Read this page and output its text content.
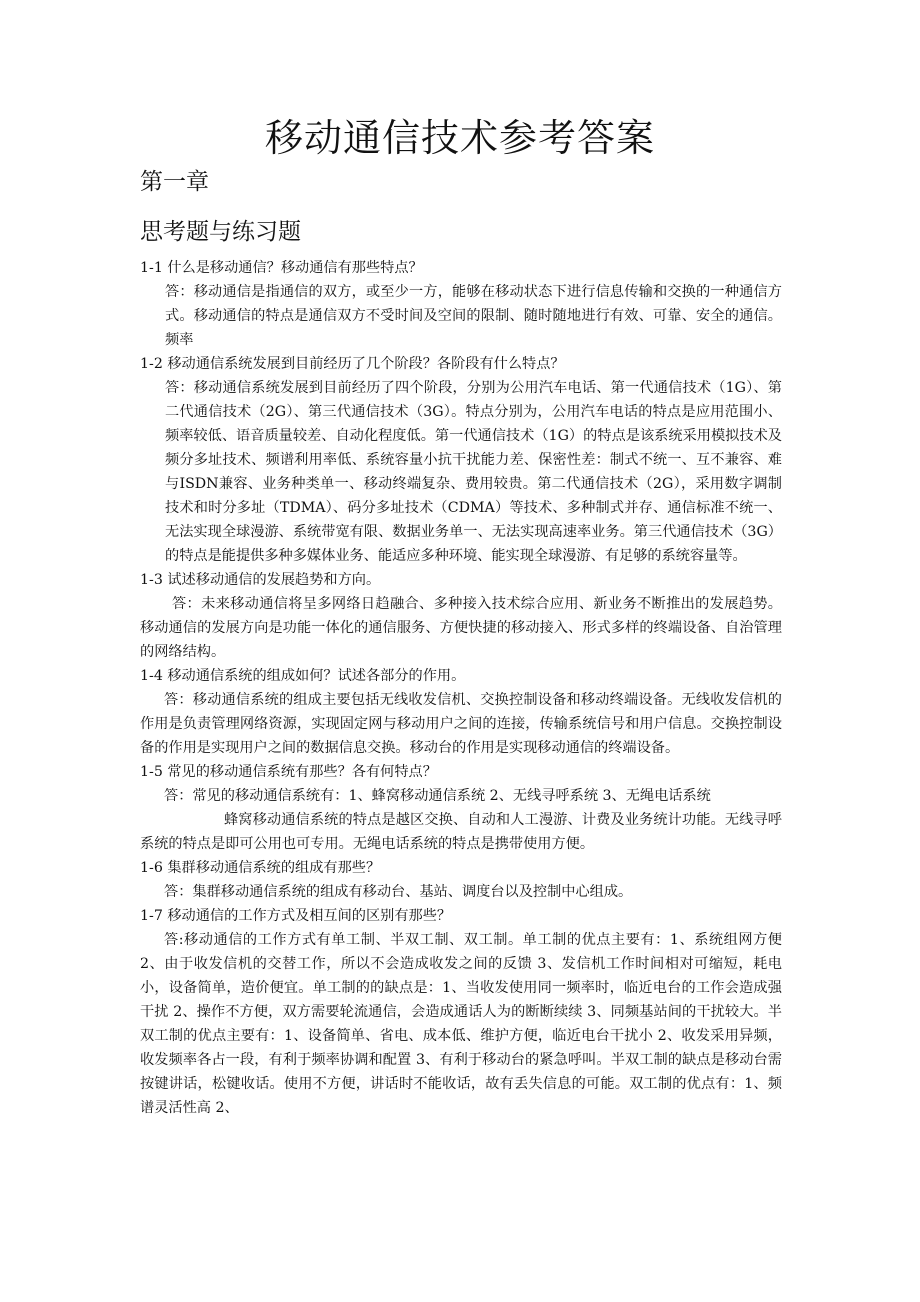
移动通信技术参考答案
第一章
思考题与练习题

1-1 什么是移动通信？移动通信有那些特点？

答：移动通信是指通信的双方，或至少一方，能够在移动状态下进行信息传输和交换的一种通信方式。移动通信的特点是通信双方不受时间及空间的限制、随时随地进行有效、可靠、安全的通信。频率

1-2 移动通信系统发展到目前经历了几个阶段？各阶段有什么特点？

答：移动通信系统发展到目前经历了四个阶段，分别为公用汽车电话、第一代通信技术（1G）、第二代通信技术（2G）、第三代通信技术（3G）。特点分别为，公用汽车电话的特点是应用范围小、频率较低、语音质量较差、自动化程度低。第一代通信技术（1G）的特点是该系统采用模拟技术及频分多址技术、频谱利用率低、系统容量小抗干扰能力差、保密性差：制式不统一、互不兼容、难与ISDN兼容、业务种类单一、移动终端复杂、费用较贵。第二代通信技术（2G），采用数字调制技术和时分多址（TDMA）、码分多址技术（CDMA）等技术、多种制式并存、通信标准不统一、无法实现全球漫游、系统带宽有限、数据业务单一、无法实现高速率业务。第三代通信技术（3G）的特点是能提供多种多媒体业务、能适应多种环境、能实现全球漫游、有足够的系统容量等。

1-3 试述移动通信的发展趋势和方向。

答：未来移动通信将呈多网络日趋融合、多种接入技术综合应用、新业务不断推出的发展趋势。移动通信的发展方向是功能一体化的通信服务、方便快捷的移动接入、形式多样的终端设备、自治管理的网络结构。

1-4 移动通信系统的组成如何？试述各部分的作用。

答：移动通信系统的组成主要包括无线收发信机、交换控制设备和移动终端设备。无线收发信机的作用是负责管理网络资源，实现固定网与移动用户之间的连接，传输系统信号和用户信息。交换控制设备的作用是实现用户之间的数据信息交换。移动台的作用是实现移动通信的终端设备。

1-5 常见的移动通信系统有那些？各有何特点？

答：常见的移动通信系统有：1、蜂窝移动通信系统 2、无线寻呼系统 3、无绳电话系统

蜂窝移动通信系统的特点是越区交换、自动和人工漫游、计费及业务统计功能。无线寻呼系统的特点是即可公用也可专用。无绳电话系统的特点是携带使用方便。

1-6 集群移动通信系统的组成有那些？

答：集群移动通信系统的组成有移动台、基站、调度台以及控制中心组成。

1-7 移动通信的工作方式及相互间的区别有那些？

答:移动通信的工作方式有单工制、半双工制、双工制。单工制的优点主要有：1、系统组网方便 2、由于收发信机的交替工作，所以不会造成收发之间的反馈 3、发信机工作时间相对可缩短，耗电小，设备简单，造价便宜。单工制的的缺点是：1、当收发使用同一频率时，临近电台的工作会造成强干扰 2、操作不方便，双方需要轮流通信，会造成通话人为的断断续续 3、同频基站间的干扰较大。半双工制的优点主要有：1、设备简单、省电、成本低、维护方便，临近电台干扰小 2、收发采用异频，收发频率各占一段，有利于频率协调和配置 3、有利于移动台的紧急呼叫。半双工制的缺点是移动台需按键讲话，松键收话。使用不方便，讲话时不能收话，故有丢失信息的可能。双工制的优点有：1、频谱灵活性高 2、
